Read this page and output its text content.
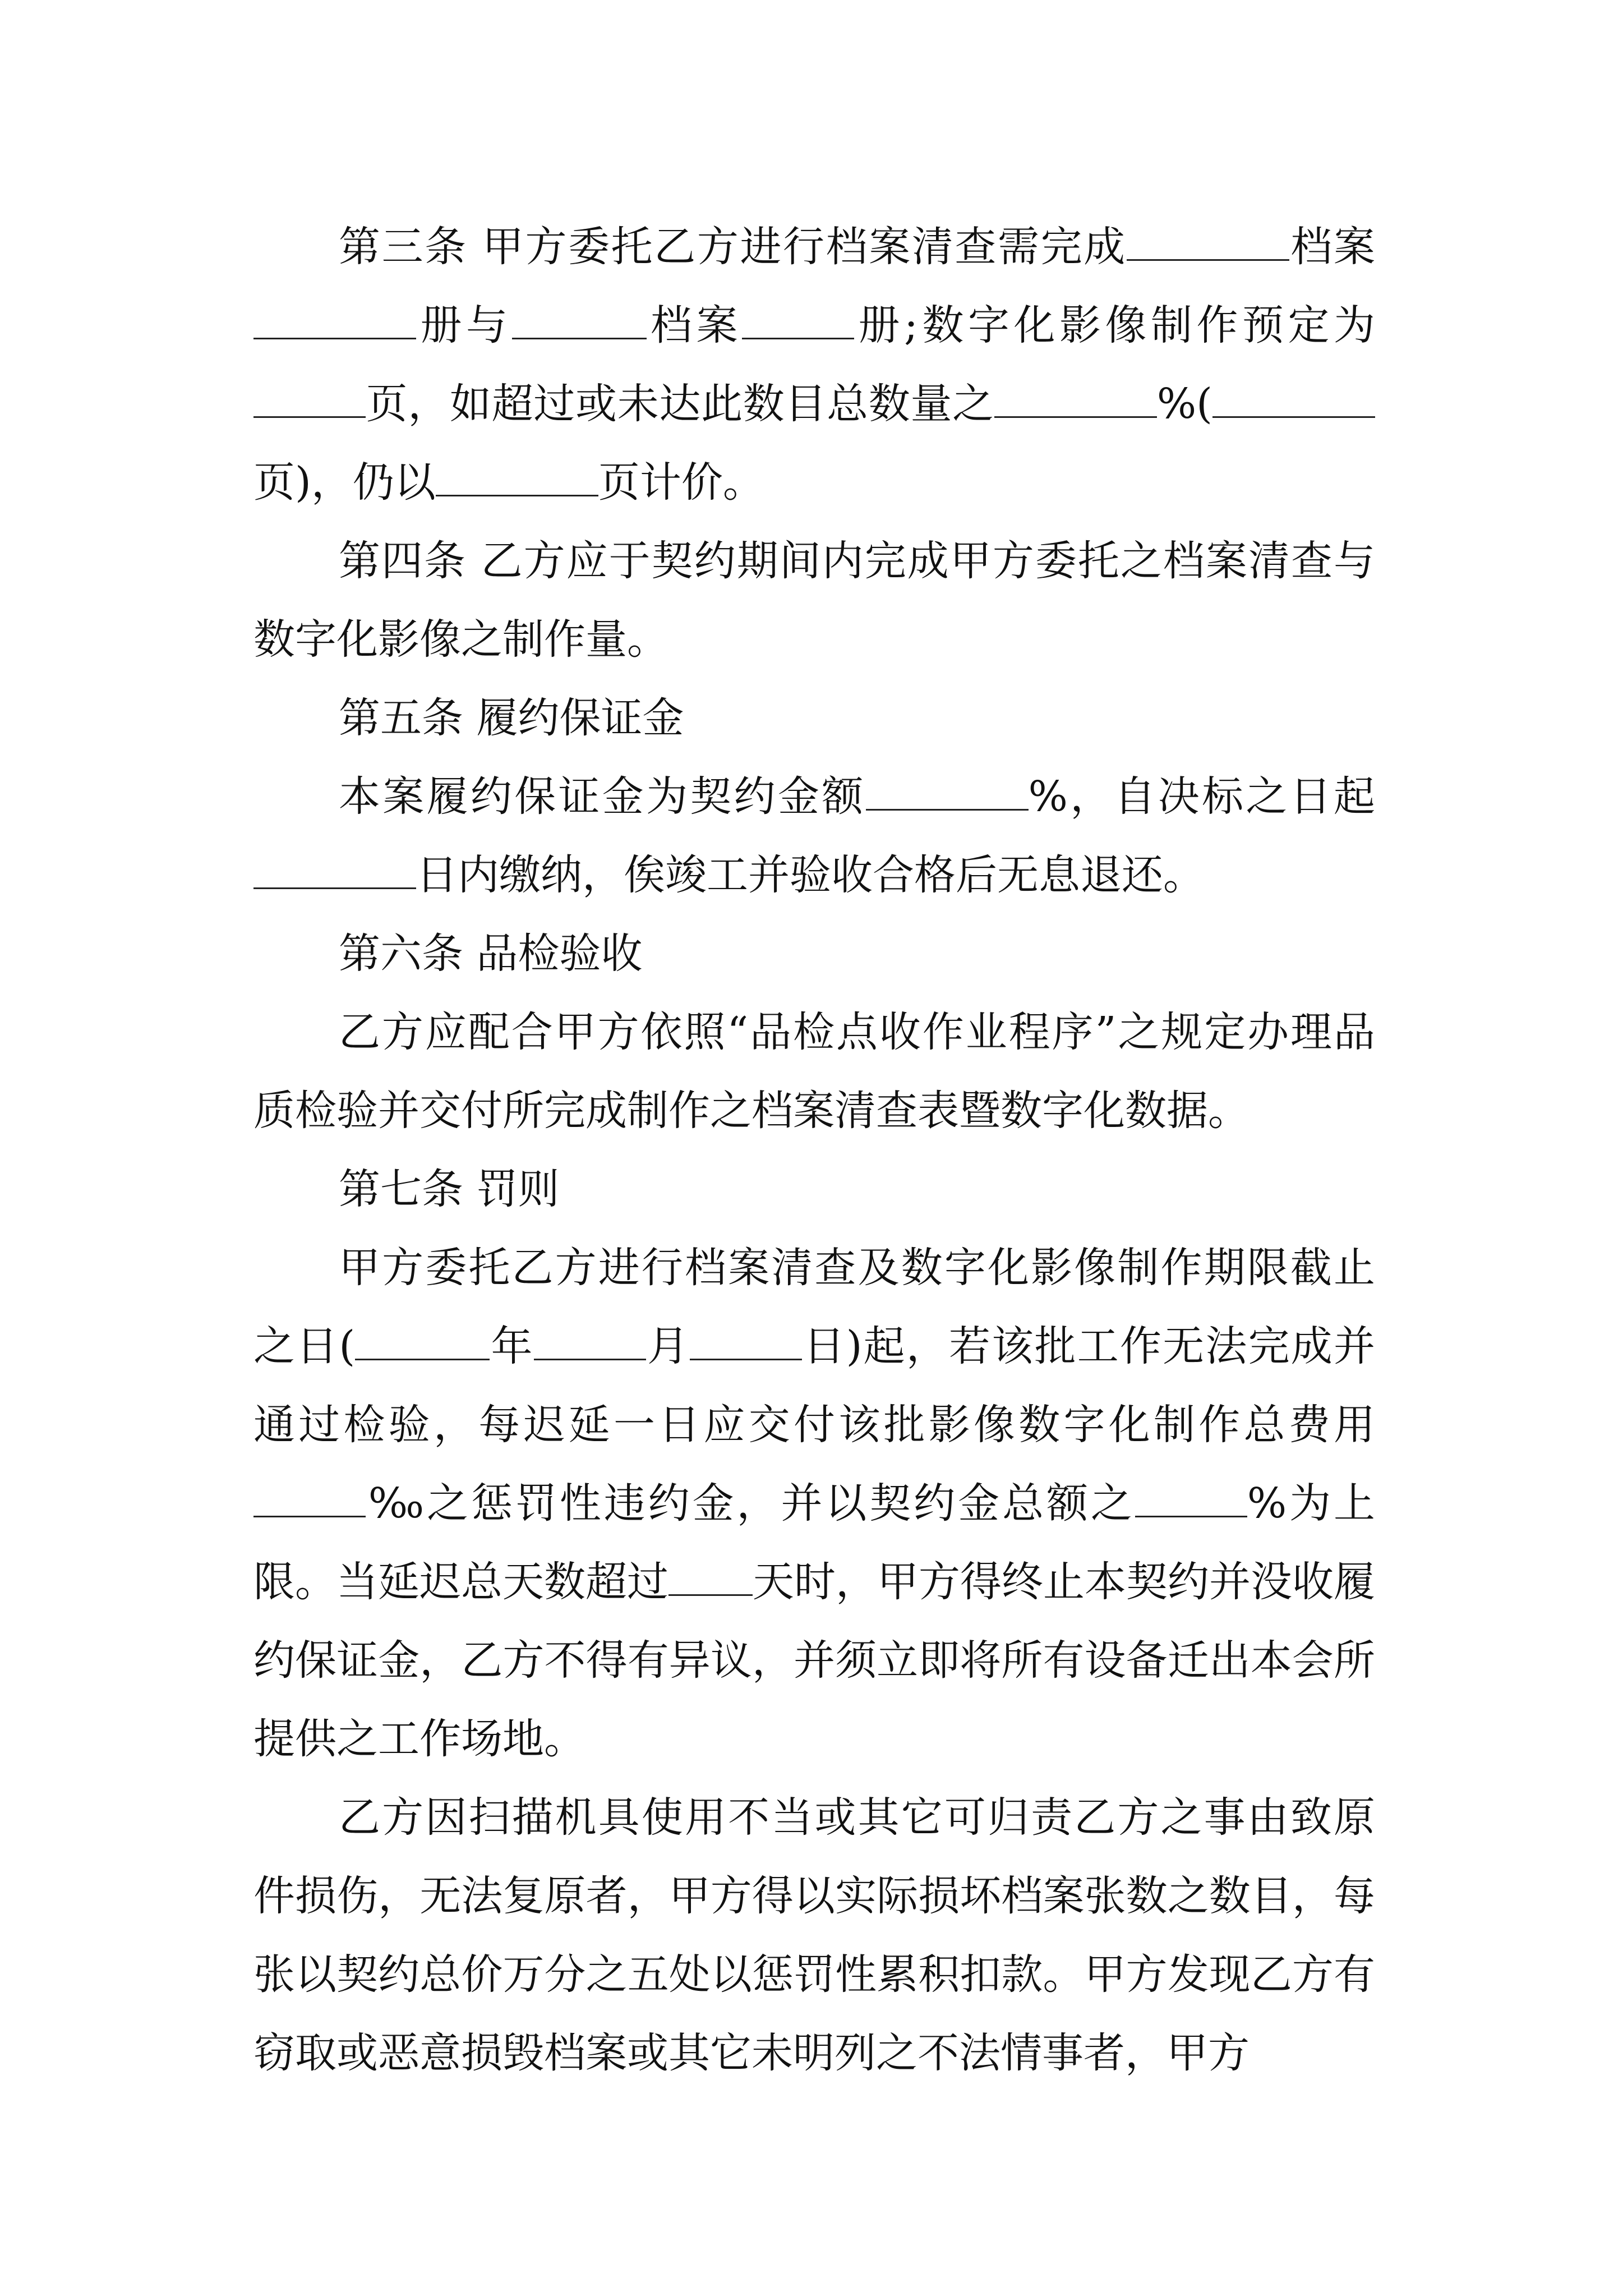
第三条 甲方委托乙方进行档案清查需完成	档案册与	档案	册;数字化影像制作预定为页，如超过或未达此数目总数量之	%(页)，仍以	页计价。

第四条 乙方应于契约期间内完成甲方委托之档案清查与数字化影像之制作量。

第五条 履约保证金

本案履约保证金为契约金额	%，自决标之日起日内缴纳，俟竣工并验收合格后无息退还。

第六条 品检验收

乙方应配合甲方依照“品检点收作业程序”之规定办理品质检验并交付所完成制作之档案清查表暨数字化数据。

第七条 罚则

甲方委托乙方进行档案清查及数字化影像制作期限截止之日(	年	月	日)起，若该批工作无法完成并通过检验，每迟延一日应交付该批影像数字化制作总费用‰之惩罚性违约金，并以契约金总额之	%为上限。当延迟总天数超过 天时，甲方得终止本契约并没收履约保证金，乙方不得有异议，并须立即将所有设备迁出本会所提供之工作场地。

乙方因扫描机具使用不当或其它可归责乙方之事由致原件损伤，无法复原者，甲方得以实际损坏档案张数之数目，每张以契约总价万分之五处以惩罚性累积扣款。甲方发现乙方有窃取或恶意损毁档案或其它未明列之不法情事者，甲方
